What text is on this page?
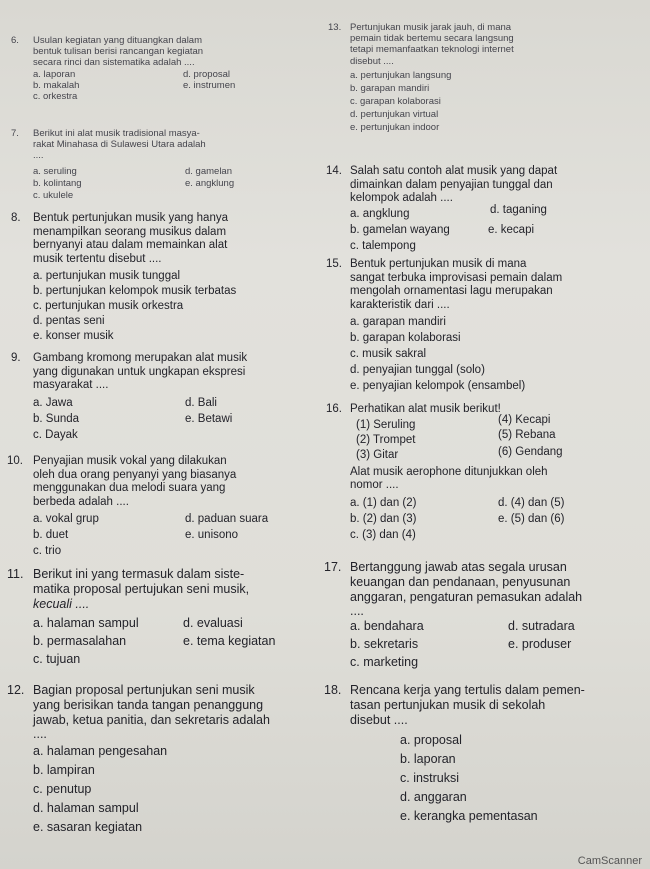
6. Usulan kegiatan yang dituangkan dalam
bentuk tulisan berisi rancangan kegiatan
secara rinci dan sistematika adalah ....
a. laporan
b. makalah
c. orkestra
d. proposal
e. instrumen
7. Berikut ini alat musik tradisional masya-
rakat Minahasa di Sulawesi Utara adalah
....
a. seruling
b. kolintang
c. ukulele
d. gamelan
e. angklung
8. Bentuk pertunjukan musik yang hanya
menampilkan seorang musikus dalam
bernyanyi atau dalam memainkan alat
musik tertentu disebut ....
a. pertunjukan musik tunggal
b. pertunjukan kelompok musik terbatas
c. pertunjukan musik orkestra
d. pentas seni
e. konser musik
9. Gambang kromong merupakan alat musik
yang digunakan untuk ungkapan ekspresi
masyarakat ....
a. Jawa
b. Sunda
c. Dayak
d. Bali
e. Betawi
10. Penyajian musik vokal yang dilakukan
oleh dua orang penyanyi yang biasanya
menggunakan dua melodi suara yang
berbeda adalah ....
a. vokal grup
b. duet
c. trio
d. paduan suara
e. unisono
11. Berikut ini yang termasuk dalam siste-
matika proposal pertujukan seni musik,
kecuali ....
a. halaman sampul
b. permasalahan
c. tujuan
d. evaluasi
e. tema kegiatan
12. Bagian proposal pertunjukan seni musik
yang berisikan tanda tangan penanggung
jawab, ketua panitia, dan sekretaris adalah
....
a. halaman pengesahan
b. lampiran
c. penutup
d. halaman sampul
e. sasaran kegiatan
13. Pertunjukan musik jarak jauh, di mana
pemain tidak bertemu secara langsung
tetapi memanfaatkan teknologi internet
disebut ....
a. pertunjukan langsung
b. garapan mandiri
c. garapan kolaborasi
d. pertunjukan virtual
e. pertunjukan indoor
14. Salah satu contoh alat musik yang dapat
dimainkan dalam penyajian tunggal dan
kelompok adalah ....
a. angklung
b. gamelan wayang
c. talempong
d. taganing
e. kecapi
15. Bentuk pertunjukan musik di mana
sangat terbuka improvisasi pemain dalam
mengolah ornamentasi lagu merupakan
karakteristik dari ....
a. garapan mandiri
b. garapan kolaborasi
c. musik sakral
d. penyajian tunggal (solo)
e. penyajian kelompok (ensambel)
16. Perhatikan alat musik berikut!
(1) Seruling
(2) Trompet
(3) Gitar
(4) Kecapi
(5) Rebana
(6) Gendang
Alat musik aerophone ditunjukkan oleh
nomor ....
a. (1) dan (2)
b. (2) dan (3)
c. (3) dan (4)
d. (4) dan (5)
e. (5) dan (6)
17. Bertanggung jawab atas segala urusan
keuangan dan pendanaan, penyusunan
anggaran, pengaturan pemasukan adalah
....
a. bendahara
b. sekretaris
c. marketing
d. sutradara
e. produser
18. Rencana kerja yang tertulis dalam pemen-
tasan pertunjukan musik di sekolah
disebut ....
a. proposal
b. laporan
c. instruksi
d. anggaran
e. kerangka pementasan
CamScanner
